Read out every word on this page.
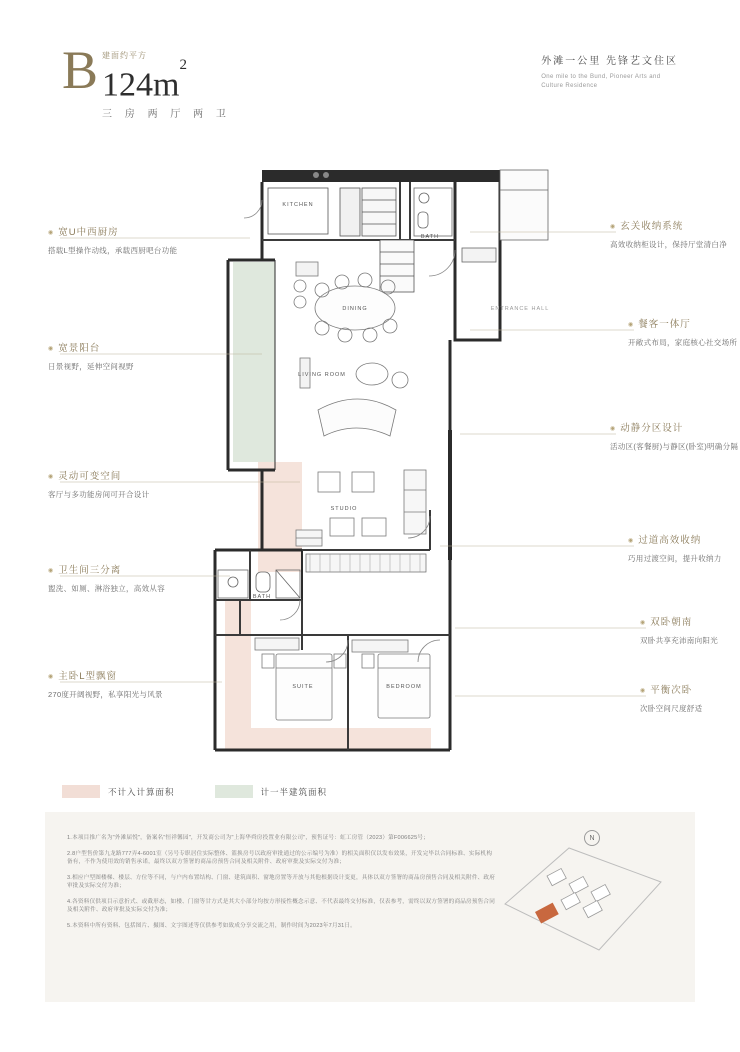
B 建面约平方
$124m^2$
三 房 两 厅 两 卫
外滩一公里 先锋艺文住区
One mile to the Bund, Pioneer Arts and
Culture Residence
KITCHEN
BATH
ENTRANCE HALL
DINING
LIVING ROOM
STUDIO
BATH
SUITE	BEDROOM
◉ 宽U中西厨房
搭载L型操作动线，承载西厨吧台功能
◉ 宽景阳台
日景视野，延伸空间视野
◉ 灵动可变空间
客厅与多功能房间可开合设计
◉ 卫生间三分离
盥洗、如厕、淋浴独立，高效从容
◉ 主卧L型飘窗
270度开阔视野，私享阳光与风景
◉ 玄关收纳系统
高效收纳柜设计，保持厅堂清白净
◉ 餐客一体厅
开敞式布局，家庭核心社交场所
◉ 动静分区设计
活动区(客餐厨)与静区(卧室)明确分隔
◉ 过道高效收纳
巧用过渡空间，提升收纳力
◉ 双卧朝南
双卧共享充沛南向阳光
◉ 平衡次卧
次卧空间尺度舒适
不计入计算面积	计一半建筑面积

1.本项目推广名为"外滩届悦"，备案名"恒祥馨园"，开发商公司为"上海华舜房投置业有限公司"，预售证号：虹工房管（2023）第F006625号；

2.8户型售价第九龙路777弄4-6001室（另号专职居住实际整体、篮换房号以政府审批通过的公示编号为准）的相关面积仅以发布效果，开发完毕以合同标准、实际机构备有，不作为使用效的销售承诺，最终以双方签署的商品房预售合同及相关附件、政府审批及实际交付为准；

3.相应户型图楼梯、楼层、方位等不同，与户内布置结构、门窗、建筑面积、窗地房置等开放与其他根据设计变更，具体以双方签署的商品房预售合同及相关附件、政府审批及实际交付为准；

4.各资料仅供项目示意折式、或截形态，如楼、门窗等甘方式是其大小部分均按方形接性概念示意、不代表最终交付标准，仅表参考，需终以双方签署的商品房预售合同及相关附件、政府审批及实际交付为准；

5.本资料中所有资料、包括图片、摄图、文字图述等仅供参考如致成分享交流之用，制作时间为2023年7月31日。

N
